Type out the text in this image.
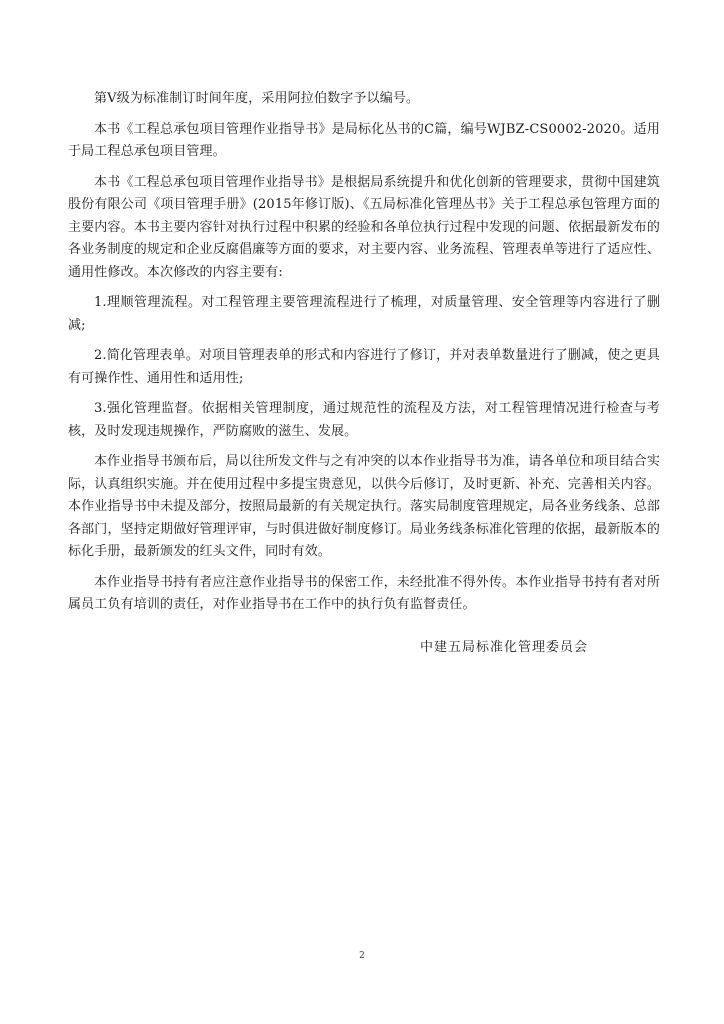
第Ⅴ级为标准制订时间年度，采用阿拉伯数字予以编号。

本书《工程总承包项目管理作业指导书》是局标化丛书的C篇，编号WJBZ-CS0002-2020。适用于局工程总承包项目管理。

本书《工程总承包项目管理作业指导书》是根据局系统提升和优化创新的管理要求，贯彻中国建筑股份有限公司《项目管理手册》(2015年修订版)、《五局标准化管理丛书》关于工程总承包管理方面的主要内容。本书主要内容针对执行过程中积累的经验和各单位执行过程中发现的问题、依据最新发布的各业务制度的规定和企业反腐倡廉等方面的要求，对主要内容、业务流程、管理表单等进行了适应性、通用性修改。本次修改的内容主要有:

1.理顺管理流程。对工程管理主要管理流程进行了梳理，对质量管理、安全管理等内容进行了删减;

2.简化管理表单。对项目管理表单的形式和内容进行了修订，并对表单数量进行了删减，使之更具有可操作性、通用性和适用性;

3.强化管理监督。依据相关管理制度，通过规范性的流程及方法，对工程管理情况进行检查与考核，及时发现违规操作，严防腐败的滋生、发展。

本作业指导书颁布后，局以往所发文件与之有冲突的以本作业指导书为准，请各单位和项目结合实际，认真组织实施。并在使用过程中多提宝贵意见，以供今后修订，及时更新、补充、完善相关内容。本作业指导书中未提及部分，按照局最新的有关规定执行。落实局制度管理规定，局各业务线条、总部各部门，坚持定期做好管理评审，与时俱进做好制度修订。局业务线条标准化管理的依据，最新版本的标化手册，最新颁发的红头文件，同时有效。

本作业指导书持有者应注意作业指导书的保密工作，未经批准不得外传。本作业指导书持有者对所属员工负有培训的责任，对作业指导书在工作中的执行负有监督责任。

中建五局标准化管理委员会
2
